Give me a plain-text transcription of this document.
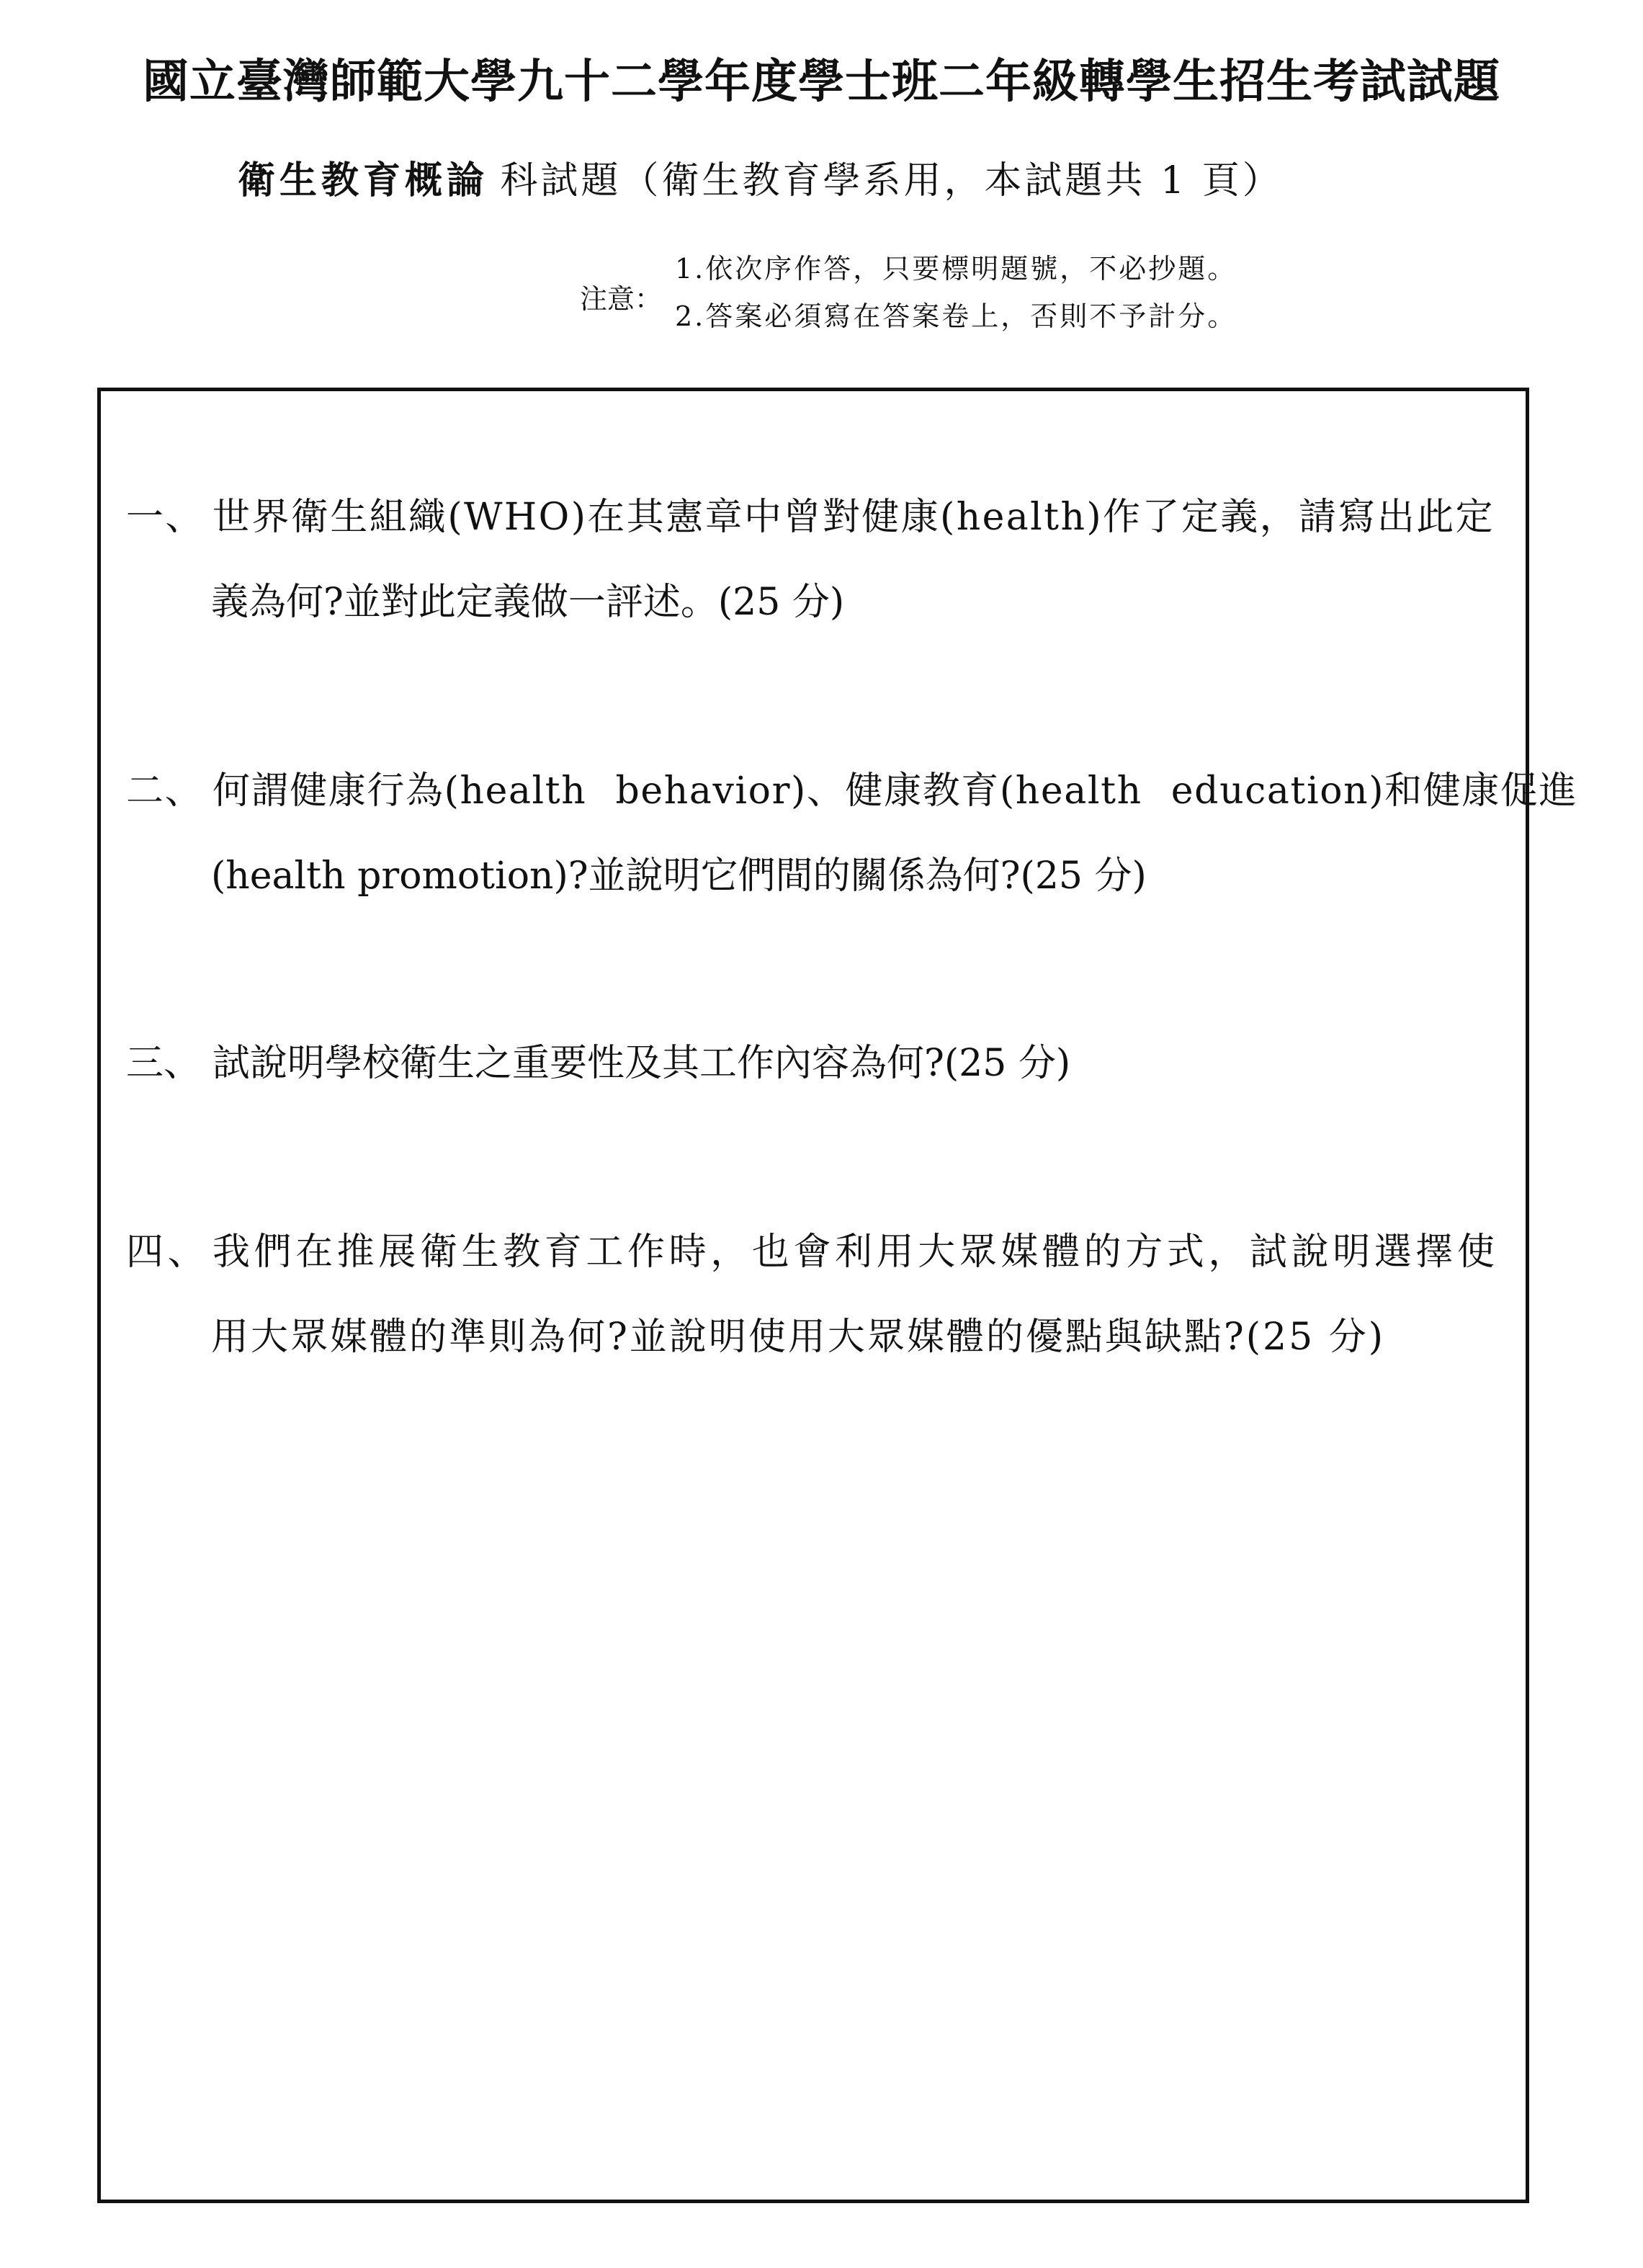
國立臺灣師範大學九十二學年度學士班二年級轉學生招生考試試題
衛生教育概論 科試題（衛生教育學系用，本試題共 1 頁）
注意：
1.依次序作答，只要標明題號，不必抄題。
2.答案必須寫在答案卷上，否則不予計分。
一、 世界衛生組織(WHO)在其憲章中曾對健康(health)作了定義，請寫出此定
義為何?並對此定義做一評述。(25 分)
二、 何謂健康行為(health behavior)、健康教育(health education)和健康促進
(health promotion)?並說明它們間的關係為何?(25 分)
三、 試說明學校衛生之重要性及其工作內容為何?(25 分)
四、我們在推展衛生教育工作時，也會利用大眾媒體的方式，試說明選擇使
用大眾媒體的準則為何?並說明使用大眾媒體的優點與缺點?(25 分)
